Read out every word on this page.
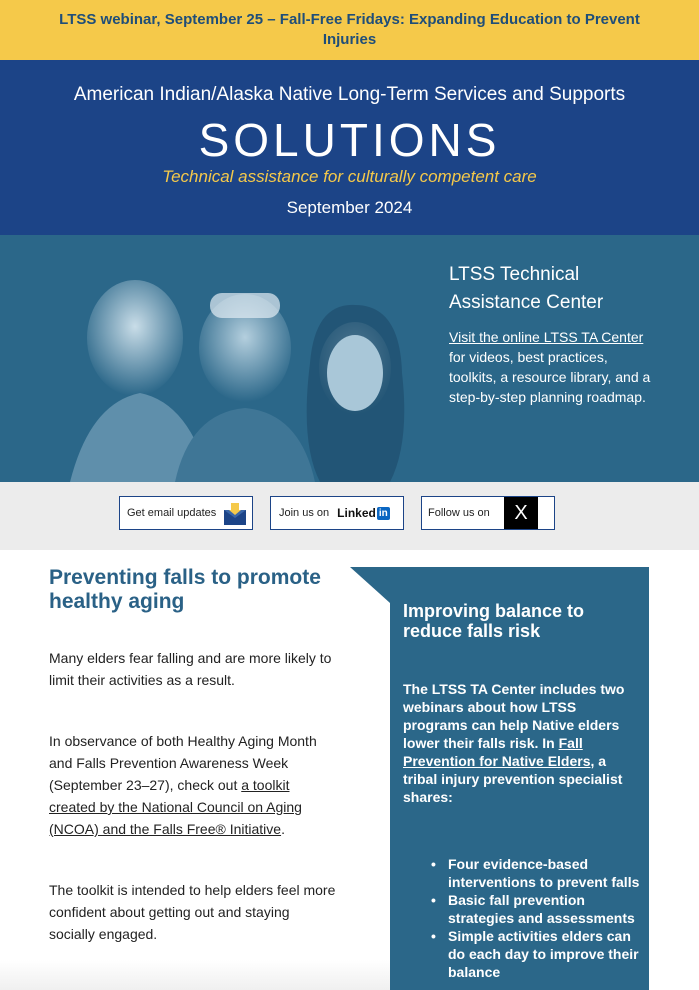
LTSS webinar, September 25 – Fall-Free Fridays: Expanding Education to Prevent Injuries
American Indian/Alaska Native Long-Term Services and Supports
SOLUTIONS
Technical assistance for culturally competent care
September 2024
LTSS Technical
Assistance Center
Visit the online LTSS TA Center for videos, best practices, toolkits, a resource library, and a step-by-step planning roadmap.
Get email updates	Join us on Linked in	Follow us on	X
Preventing falls to promote healthy aging

Many elders fear falling and are more likely to limit their activities as a result.

In observance of both Healthy Aging Month and Falls Prevention Awareness Week (September 23–27), check out a toolkit created by the National Council on Aging (NCOA) and the Falls Free® Initiative.

The toolkit is intended to help elders feel more confident about getting out and staying socially engaged.

Improving balance to reduce falls risk

The LTSS TA Center includes two webinars about how LTSS programs can help Native elders lower their falls risk. In Fall Prevention for Native Elders, a tribal injury prevention specialist shares:

• Four evidence-based interventions to prevent falls
• Basic fall prevention strategies and assessments
• Simple activities elders can do each day to improve their balance
